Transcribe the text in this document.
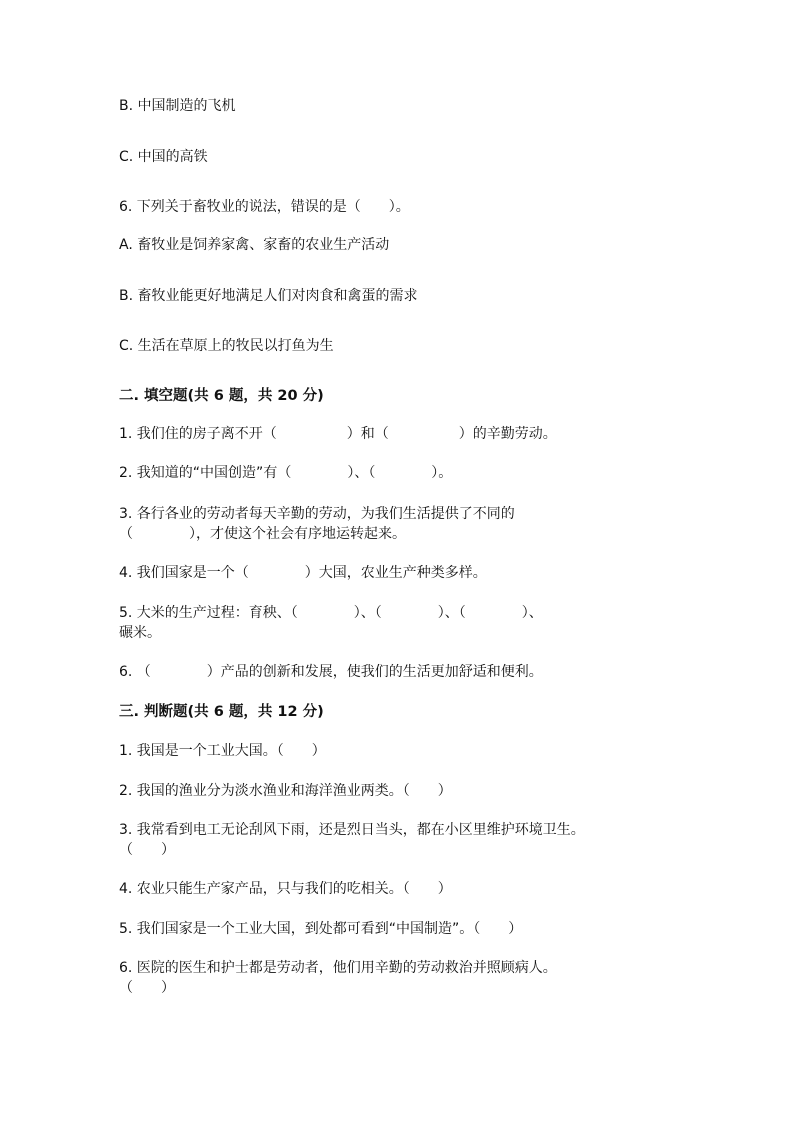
B. 中国制造的飞机
C. 中国的高铁
6. 下列关于畜牧业的说法，错误的是（　　）。
A. 畜牧业是饲养家禽、家畜的农业生产活动
B. 畜牧业能更好地满足人们对肉食和禽蛋的需求
C. 生活在草原上的牧民以打鱼为生
二. 填空题(共 6 题，共 20 分)
1. 我们住的房子离不开（　　　　　）和（　　　　　）的辛勤劳动。
2. 我知道的“中国创造”有（　　　　）、（　　　　）。
3. 各行各业的劳动者每天辛勤的劳动，为我们生活提供了不同的
（　　　　），才使这个社会有序地运转起来。
4. 我们国家是一个（　　　　）大国，农业生产种类多样。
5. 大米的生产过程：育秧、（　　　　）、（　　　　）、（　　　　）、
碾米。
6. （　　　　）产品的创新和发展，使我们的生活更加舒适和便利。
三. 判断题(共 6 题，共 12 分)
1. 我国是一个工业大国。（　　）
2. 我国的渔业分为淡水渔业和海洋渔业两类。（　　）
3. 我常看到电工无论刮风下雨，还是烈日当头，都在小区里维护环境卫生。
（　　）
4. 农业只能生产家产品，只与我们的吃相关。（　　）
5. 我们国家是一个工业大国，到处都可看到“中国制造”。（　　）
6. 医院的医生和护士都是劳动者，他们用辛勤的劳动救治并照顾病人。
（　　）
